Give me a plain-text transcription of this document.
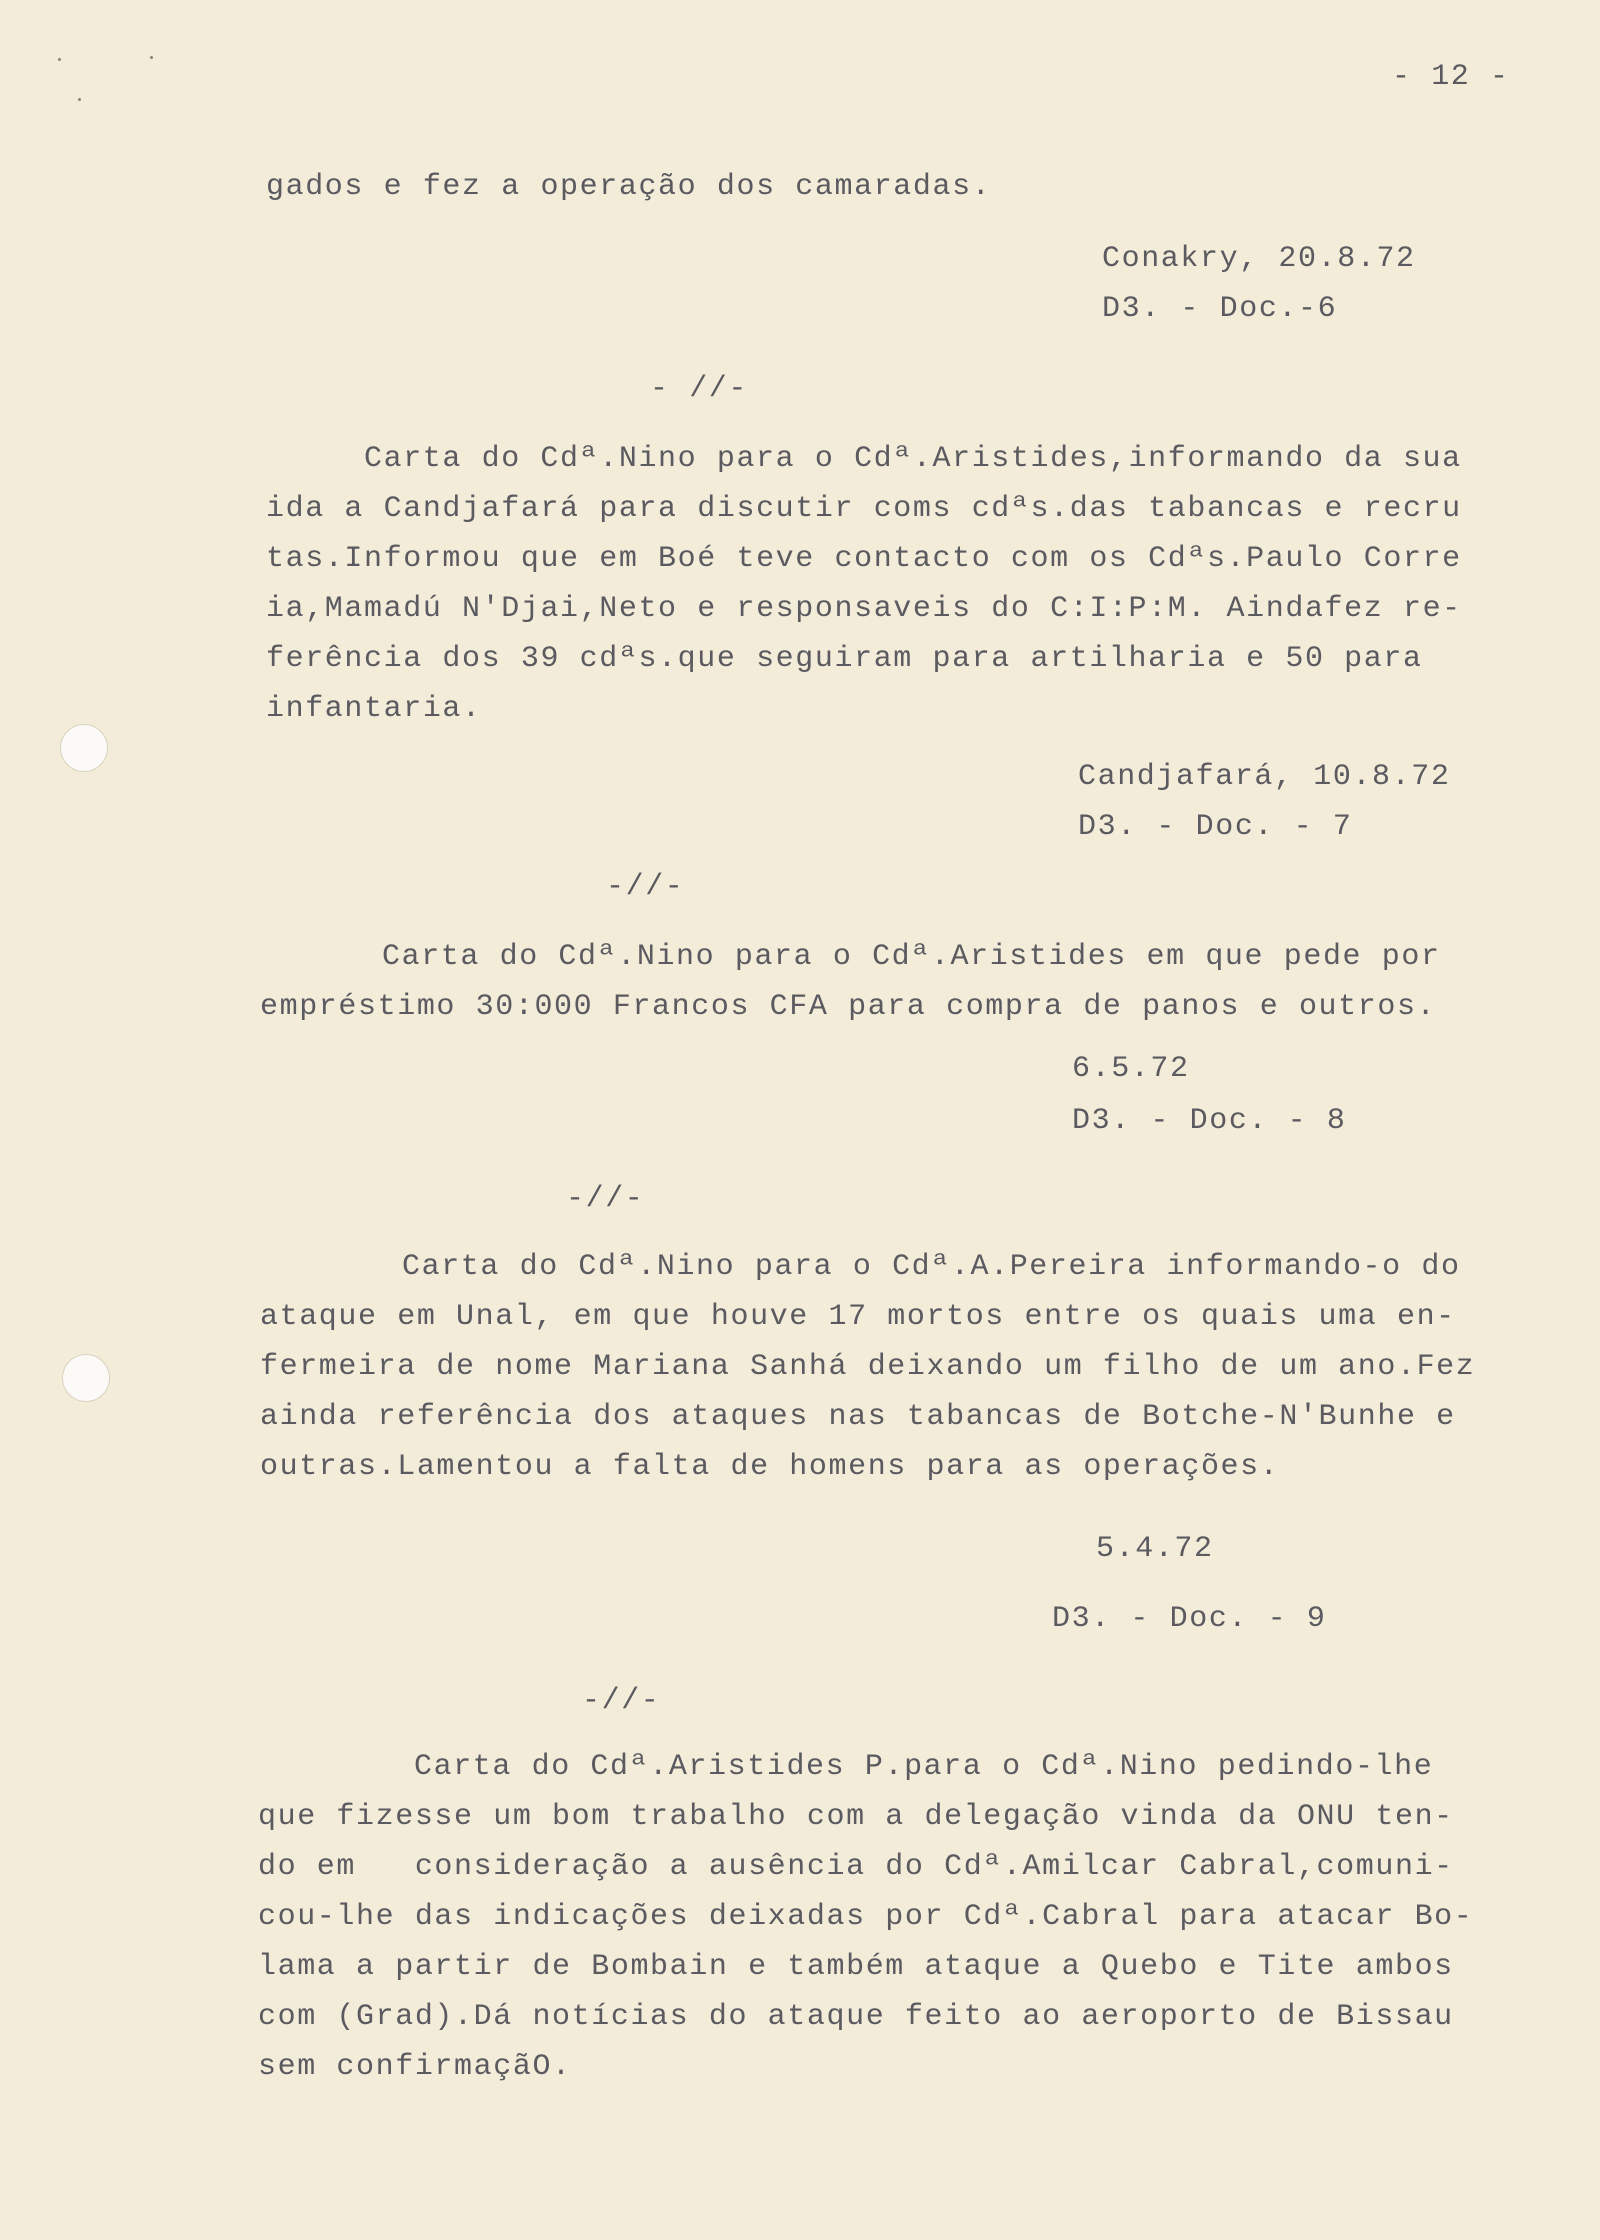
- 12 -
gados e fez a operação dos camaradas.
Conakry, 20.8.72
D3. - Doc.-6
- //-
Carta do Cdª.Nino para o Cdª.Aristides,informando da sua
ida a Candjafará para discutir coms cdªs.das tabancas e recru
tas.Informou que em Boé teve contacto com os Cdªs.Paulo Corre
ia,Mamadú N'Djai,Neto e responsaveis do C:I:P:M. Aindafez re-
ferência dos 39 cdªs.que seguiram para artilharia e 50 para
infantaria.
Candjafará, 10.8.72
D3. - Doc. - 7
-//-
Carta do Cdª.Nino para o Cdª.Aristides em que pede por
empréstimo 30:000 Francos CFA para compra de panos e outros.
6.5.72
D3. - Doc. - 8
-//-
Carta do Cdª.Nino para o Cdª.A.Pereira informando-o do
ataque em Unal, em que houve 17 mortos entre os quais uma en-
fermeira de nome Mariana Sanhá deixando um filho de um ano.Fez
ainda referência dos ataques nas tabancas de Botche-N'Bunhe e
outras.Lamentou a falta de homens para as operações.
5.4.72
D3. - Doc. - 9
-//-
Carta do Cdª.Aristides P.para o Cdª.Nino pedindo-lhe
que fizesse um bom trabalho com a delegação vinda da ONU ten-
do em   consideração a ausência do Cdª.Amilcar Cabral,comuni-
cou-lhe das indicações deixadas por Cdª.Cabral para atacar Bo-
lama a partir de Bombain e também ataque a Quebo e Tite ambos
com (Grad).Dá notícias do ataque feito ao aeroporto de Bissau
sem confirmaçãO.
